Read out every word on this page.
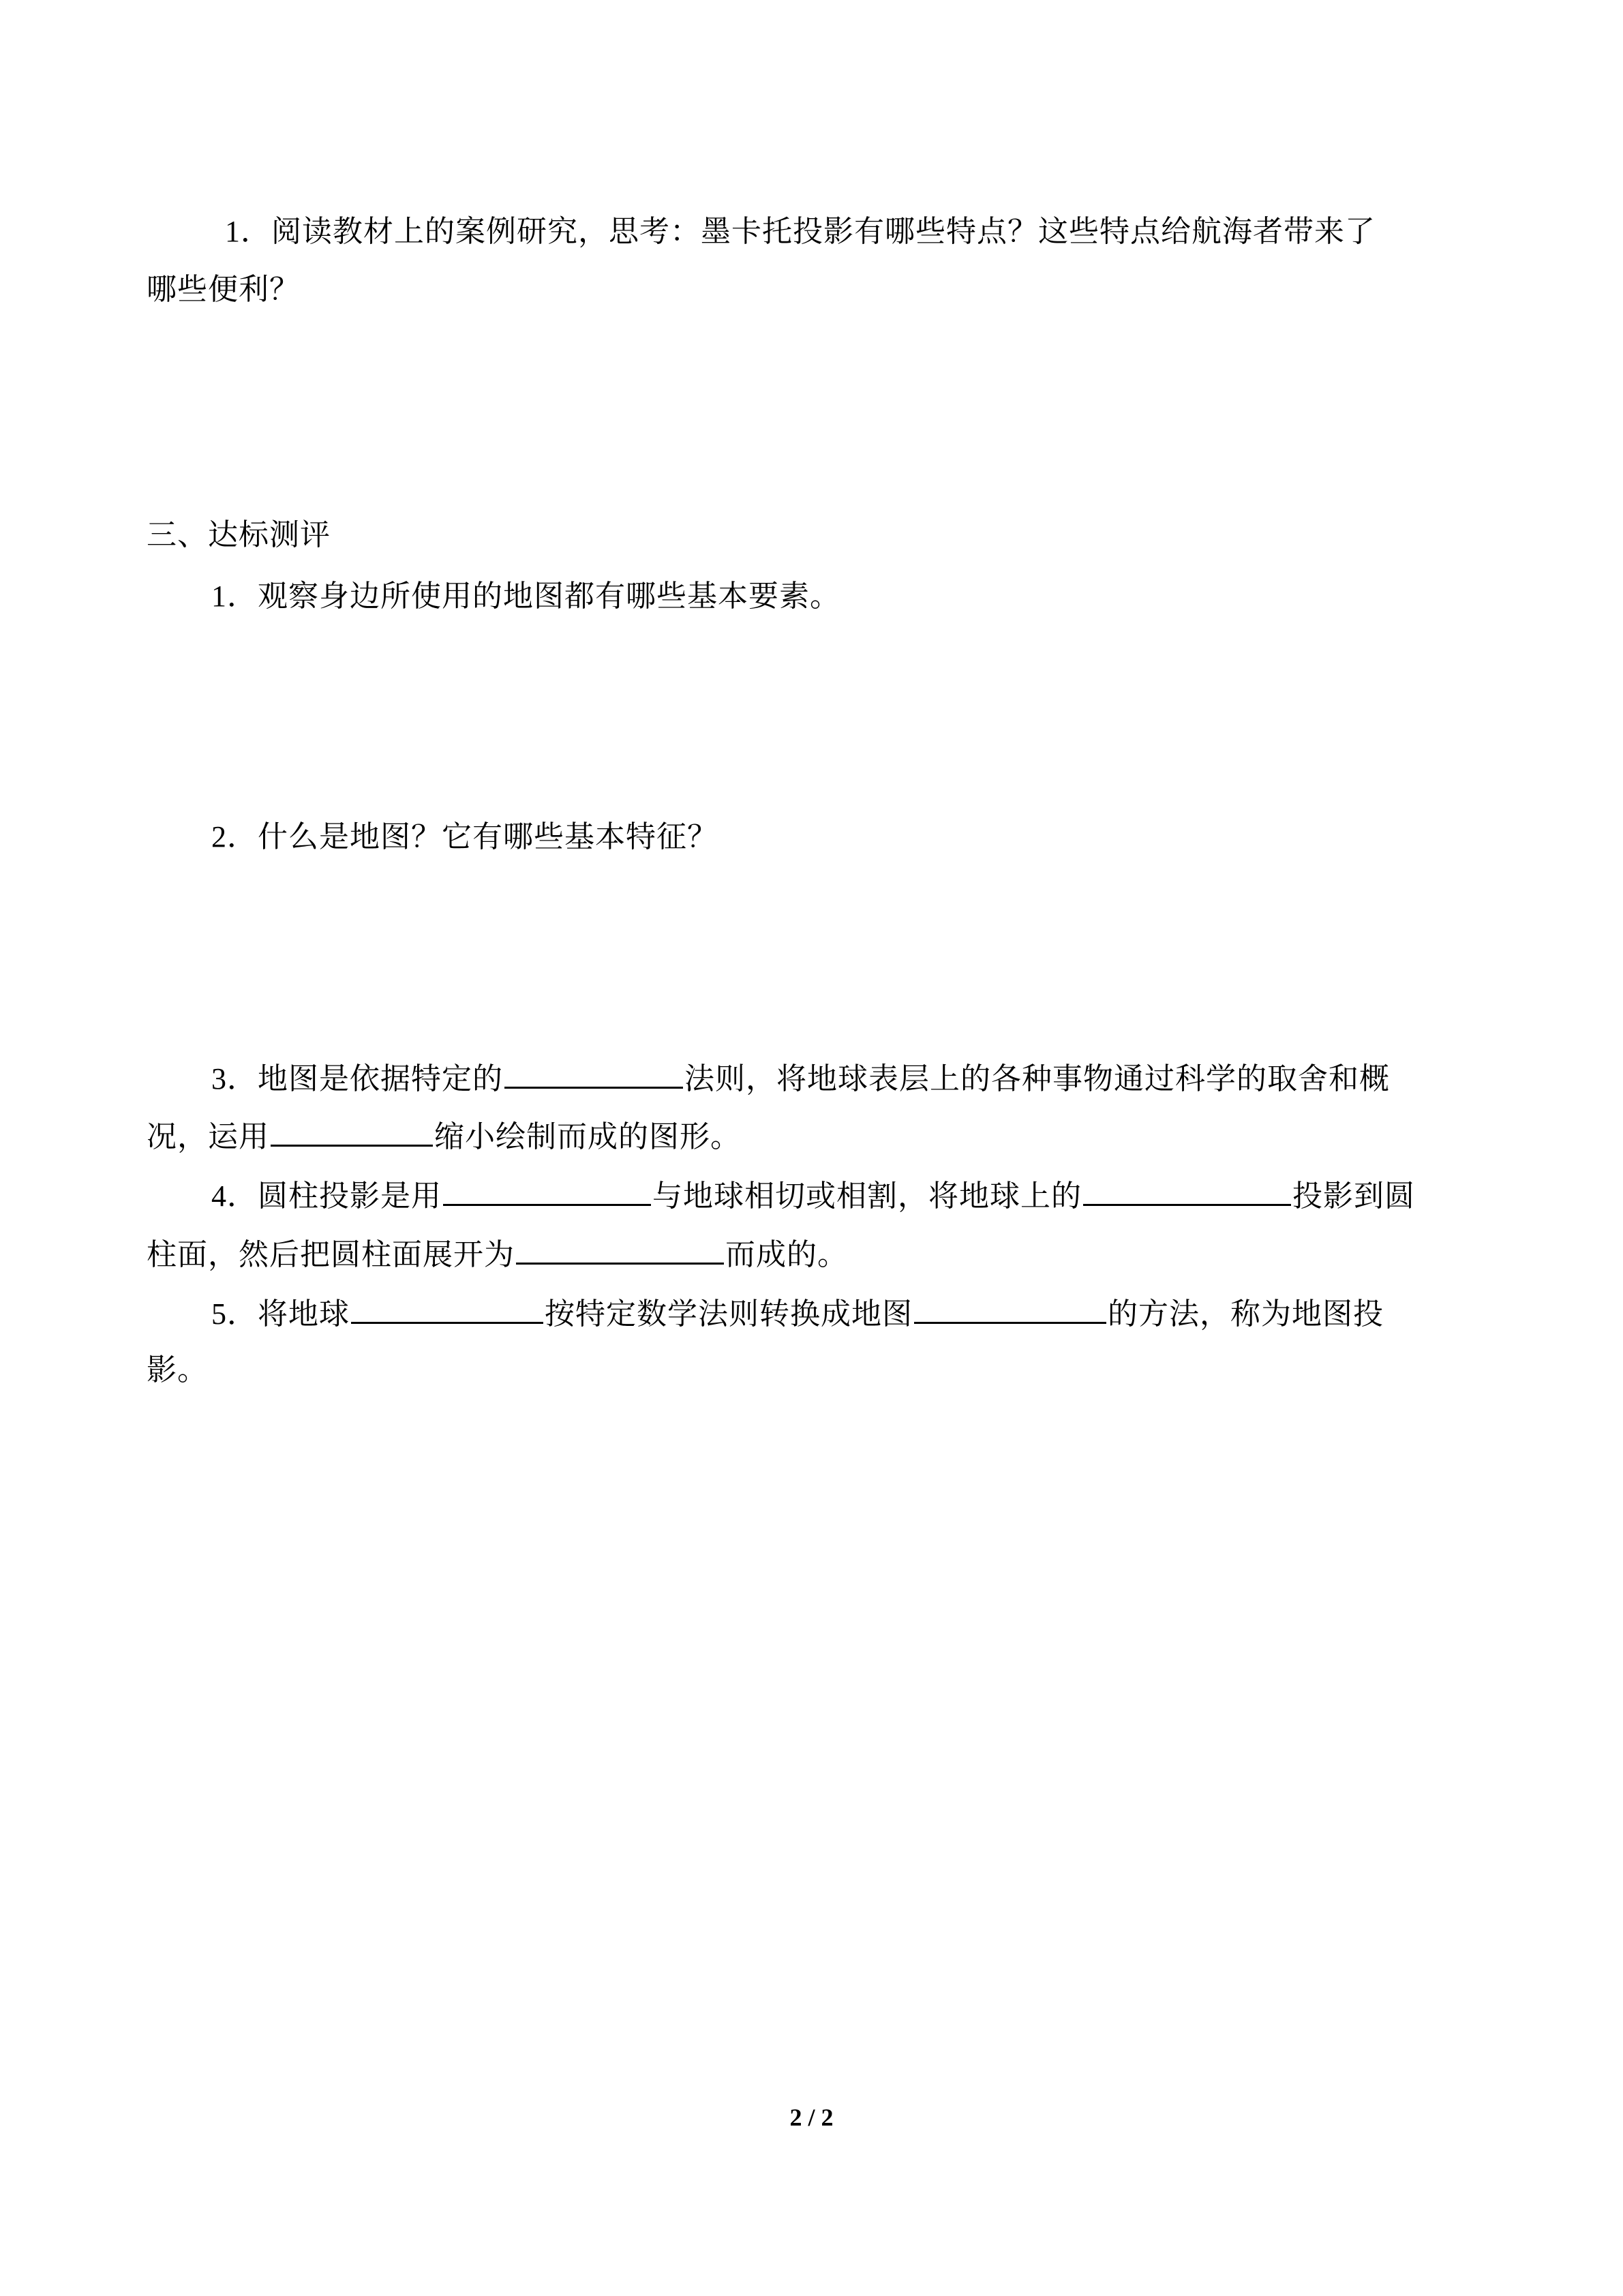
1．阅读教材上的案例研究，思考：墨卡托投影有哪些特点？这些特点给航海者带来了
哪些便利？
三、达标测评
1．观察身边所使用的地图都有哪些基本要素。
2．什么是地图？它有哪些基本特征？
3．地图是依据特定的	法则，将地球表层上的各种事物通过科学的取舍和概
况，运用	缩小绘制而成的图形。
4．圆柱投影是用	与地球相切或相割，将地球上的	投影到圆
柱面，然后把圆柱面展开为	而成的。
5．将地球	按特定数学法则转换成地图	的方法，称为地图投
影。
2 / 2
